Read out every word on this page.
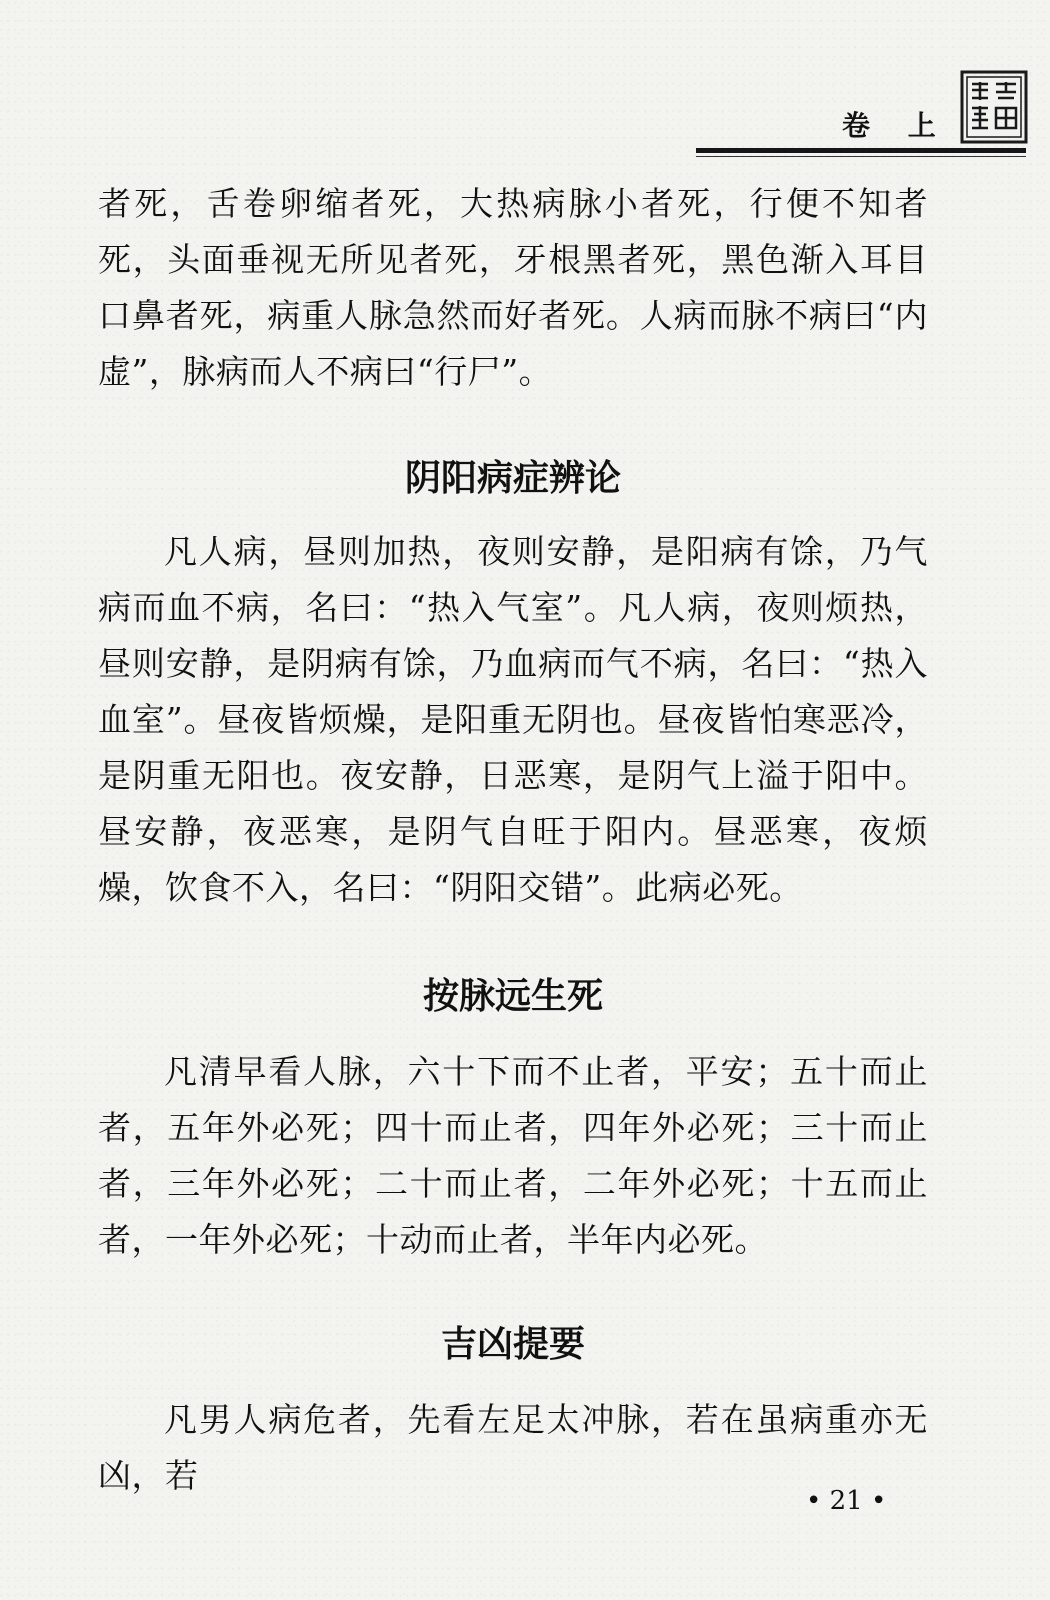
卷 上

者死，舌卷卵缩者死，大热病脉小者死，行便不知者死，头面垂视无所见者死，牙根黑者死，黑色渐入耳目口鼻者死，病重人脉急然而好者死。人病而脉不病曰“内虚”，脉病而人不病曰“行尸”。

阴阳病症辨论

凡人病，昼则加热，夜则安静，是阳病有馀，乃气病而血不病，名曰：“热入气室”。凡人病，夜则烦热，昼则安静，是阴病有馀，乃血病而气不病，名曰：“热入血室”。昼夜皆烦燥，是阳重无阴也。昼夜皆怕寒恶冷，是阴重无阳也。夜安静，日恶寒，是阴气上溢于阳中。昼安静，夜恶寒，是阴气自旺于阳内。昼恶寒，夜烦燥，饮食不入，名曰：“阴阳交错”。此病必死。

按脉远生死

凡清早看人脉，六十下而不止者，平安；五十而止者，五年外必死；四十而止者，四年外必死；三十而止者，三年外必死；二十而止者，二年外必死；十五而止者，一年外必死；十动而止者，半年内必死。

吉凶提要

凡男人病危者，先看左足太冲脉，若在虽病重亦无凶，若

• 21 •
